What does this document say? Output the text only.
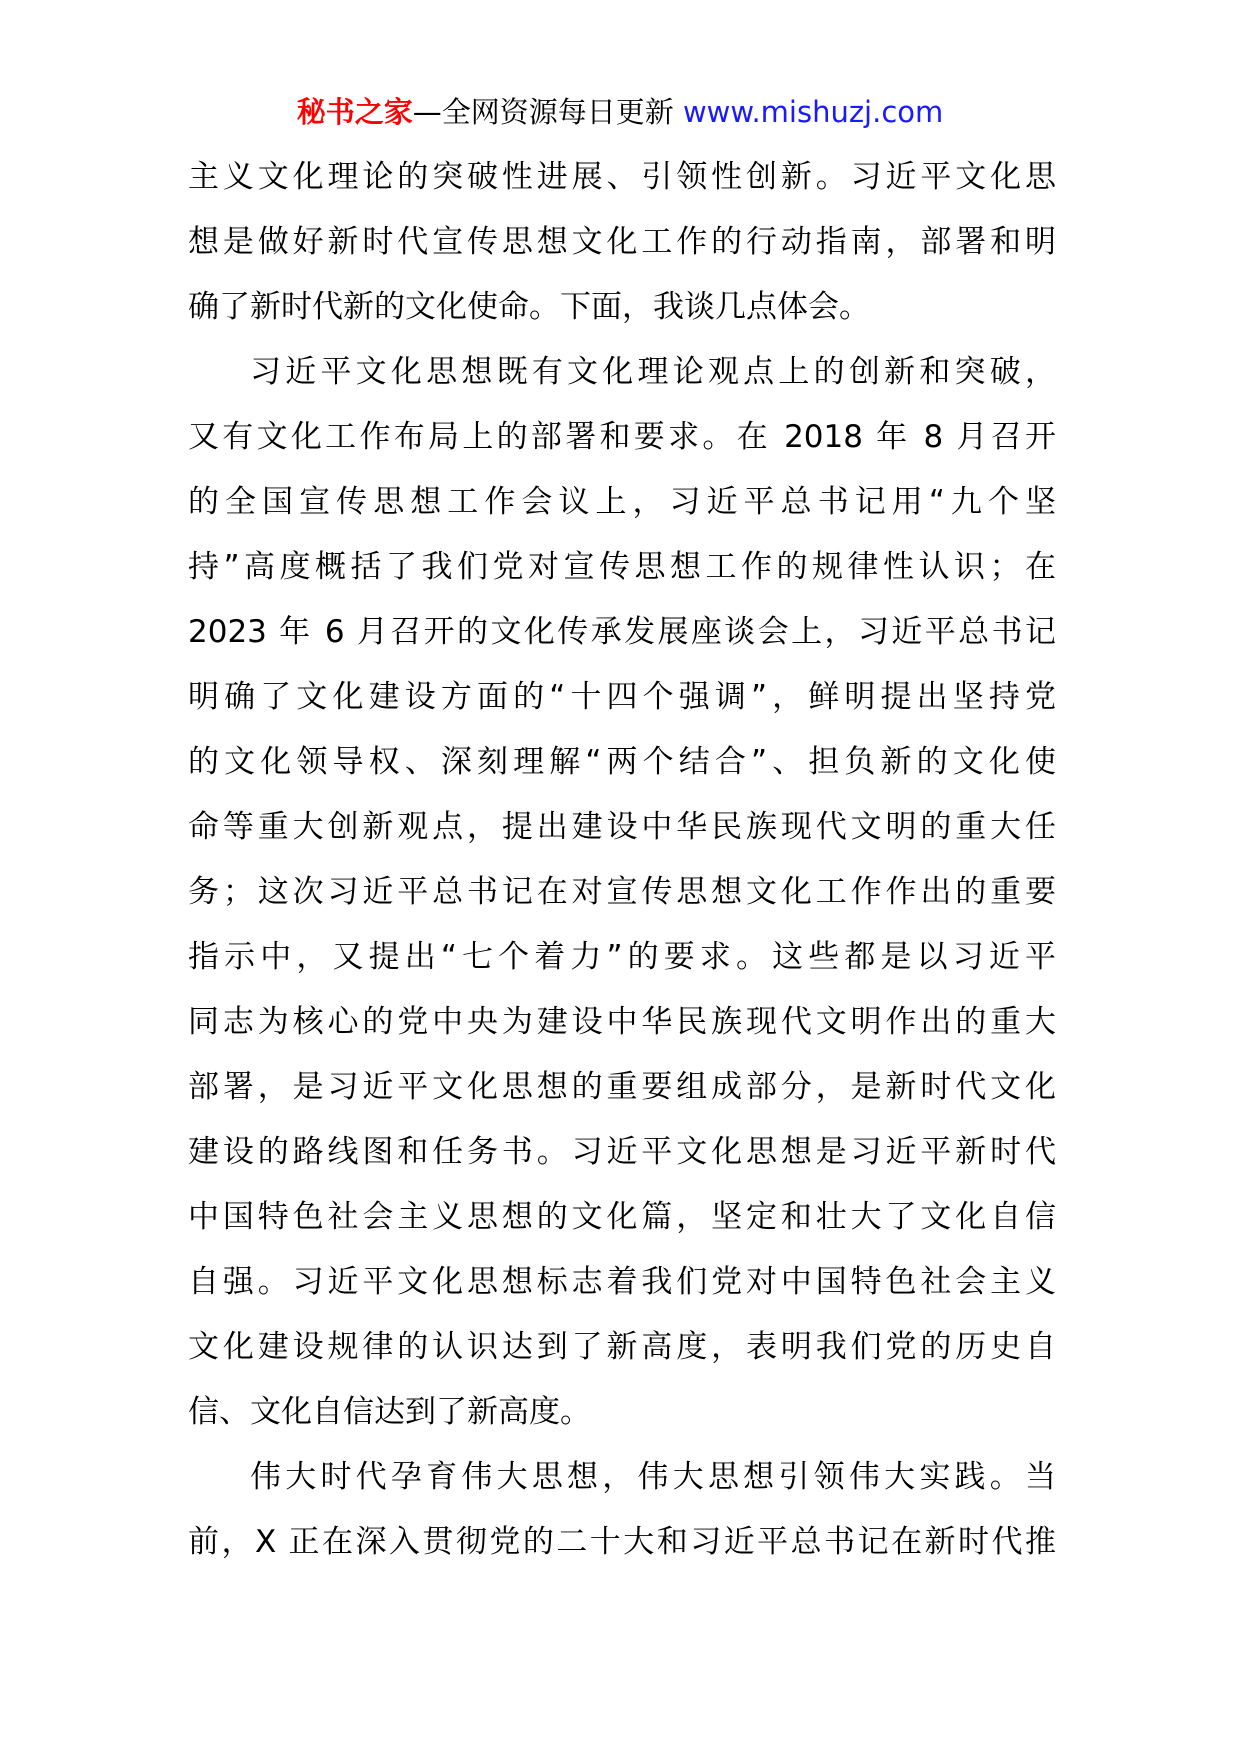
秘书之家—全网资源每日更新 www.mishuzj.com

主义文化理论的突破性进展、引领性创新。习近平文化思
想是做好新时代宣传思想文化工作的行动指南，部署和明
确了新时代新的文化使命。下面，我谈几点体会。

习近平文化思想既有文化理论观点上的创新和突破，
又有文化工作布局上的部署和要求。在 2018 年 8 月召开
的全国宣传思想工作会议上，习近平总书记用“九个坚
持”高度概括了我们党对宣传思想工作的规律性认识；在
2023 年 6 月召开的文化传承发展座谈会上，习近平总书记
明确了文化建设方面的“十四个强调”，鲜明提出坚持党
的文化领导权、深刻理解“两个结合”、担负新的文化使
命等重大创新观点，提出建设中华民族现代文明的重大任
务；这次习近平总书记在对宣传思想文化工作作出的重要
指示中，又提出“七个着力”的要求。这些都是以习近平
同志为核心的党中央为建设中华民族现代文明作出的重大
部署，是习近平文化思想的重要组成部分，是新时代文化
建设的路线图和任务书。习近平文化思想是习近平新时代
中国特色社会主义思想的文化篇，坚定和壮大了文化自信
自强。习近平文化思想标志着我们党对中国特色社会主义
文化建设规律的认识达到了新高度，表明我们党的历史自
信、文化自信达到了新高度。

伟大时代孕育伟大思想，伟大思想引领伟大实践。当
前，X 正在深入贯彻党的二十大和习近平总书记在新时代推
